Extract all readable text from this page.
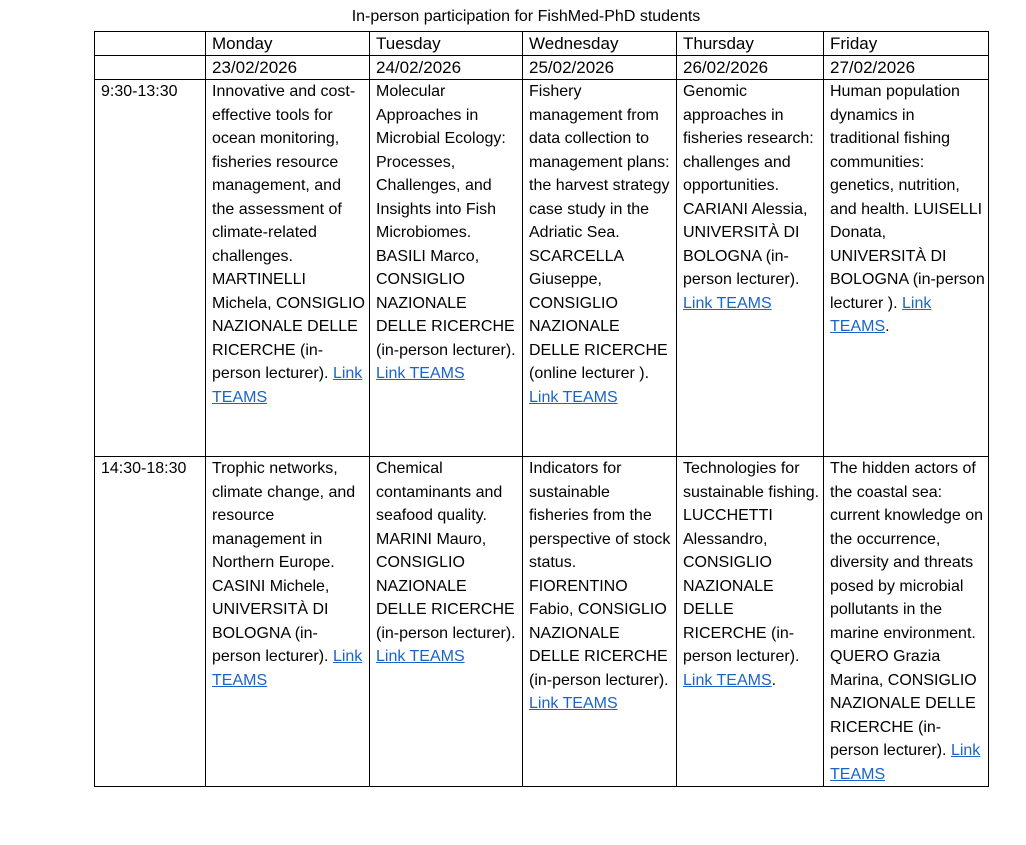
In-person participation for FishMed-PhD students
	Monday	Tuesday	Wednesday	Thursday	Friday
	23/02/2026	24/02/2026	25/02/2026	26/02/2026	27/02/2026
9:30-13:30	Innovative and cost-effective tools for ocean monitoring, fisheries resource management, and the assessment of climate-related challenges. MARTINELLI Michela, CONSIGLIO NAZIONALE DELLE RICERCHE (in-person lecturer). Link TEAMS	Molecular Approaches in Microbial Ecology: Processes, Challenges, and Insights into Fish Microbiomes. BASILI Marco, CONSIGLIO NAZIONALE DELLE RICERCHE (in-person lecturer). Link TEAMS	Fishery management from data collection to management plans: the harvest strategy case study in the Adriatic Sea. SCARCELLA Giuseppe, CONSIGLIO NAZIONALE DELLE RICERCHE (online lecturer ). Link TEAMS	Genomic approaches in fisheries research: challenges and opportunities. CARIANI Alessia, UNIVERSITÀ DI BOLOGNA (in-person lecturer). Link TEAMS	Human population dynamics in traditional fishing communities: genetics, nutrition, and health. LUISELLI Donata, UNIVERSITÀ DI BOLOGNA (in-person lecturer ). Link TEAMS.
14:30-18:30	Trophic networks, climate change, and resource management in Northern Europe. CASINI Michele, UNIVERSITÀ DI BOLOGNA (in-person lecturer). Link TEAMS	Chemical contaminants and seafood quality. MARINI Mauro, CONSIGLIO NAZIONALE DELLE RICERCHE (in-person lecturer). Link TEAMS	Indicators for sustainable fisheries from the perspective of stock status. FIORENTINO Fabio, CONSIGLIO NAZIONALE DELLE RICERCHE (in-person lecturer). Link TEAMS	Technologies for sustainable fishing. LUCCHETTI Alessandro, CONSIGLIO NAZIONALE DELLE RICERCHE (in-person lecturer). Link TEAMS.	The hidden actors of the coastal sea: current knowledge on the occurrence, diversity and threats posed by microbial pollutants in the marine environment. QUERO Grazia Marina, CONSIGLIO NAZIONALE DELLE RICERCHE (in-person lecturer). Link TEAMS
